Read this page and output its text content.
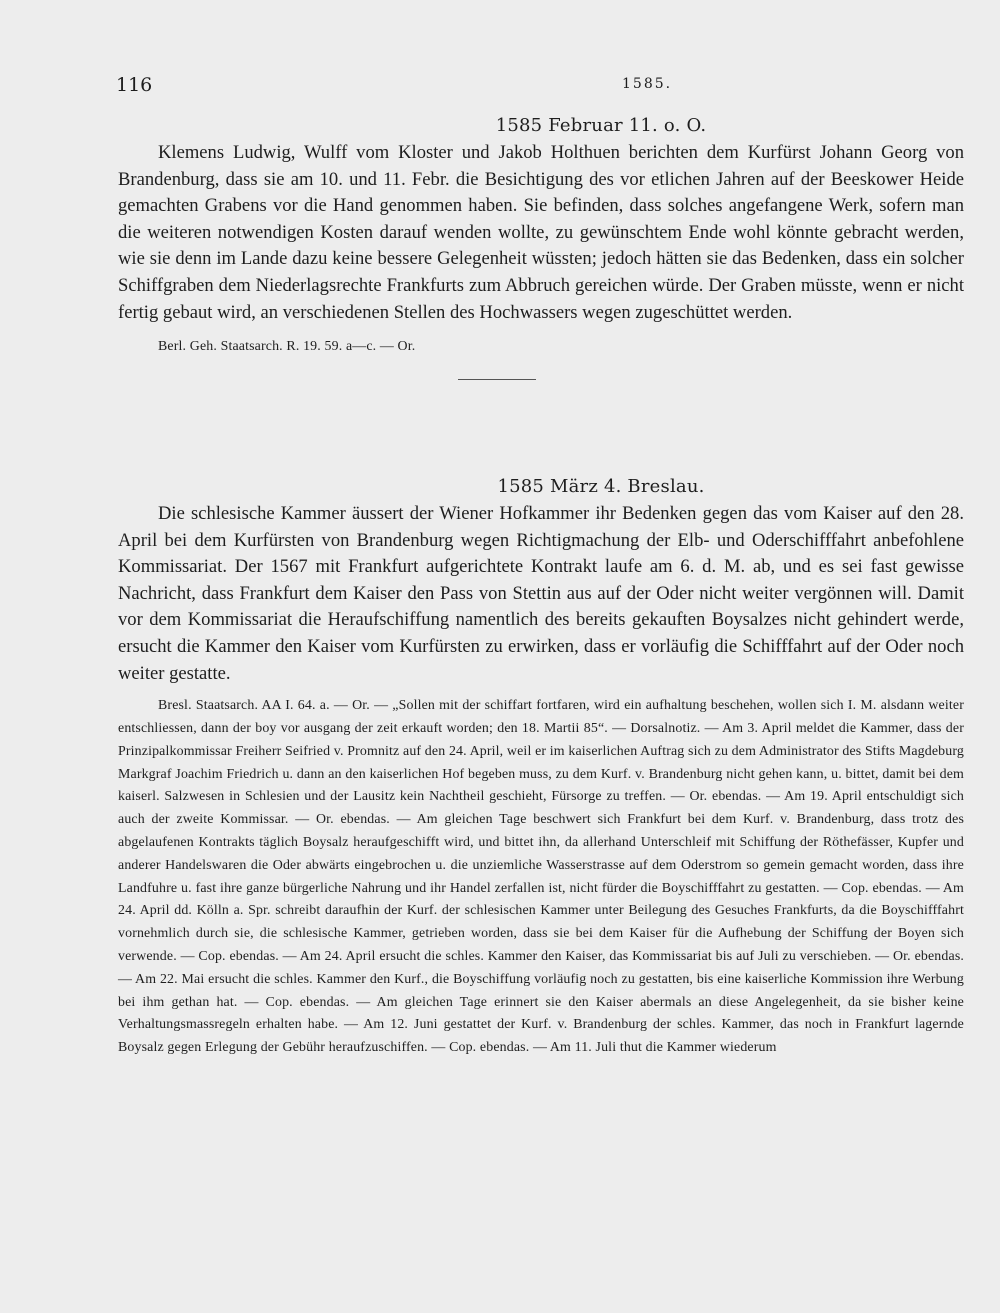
116	1585.
1585 Februar 11. o. O.

Klemens Ludwig, Wulff vom Kloster und Jakob Holthuen berichten dem Kurfürst Johann Georg von Brandenburg, dass sie am 10. und 11. Febr. die Besichtigung des vor etlichen Jahren auf der Beeskower Heide gemachten Grabens vor die Hand genommen haben. Sie befinden, dass solches angefangene Werk, sofern man die weiteren notwendigen Kosten darauf wenden wollte, zu gewünschtem Ende wohl könnte gebracht werden, wie sie denn im Lande dazu keine bessere Gelegenheit wüssten; jedoch hätten sie das Bedenken, dass ein solcher Schiffgraben dem Niederlagsrechte Frankfurts zum Abbruch gereichen würde. Der Graben müsste, wenn er nicht fertig gebaut wird, an verschiedenen Stellen des Hochwassers wegen zugeschüttet werden.

Berl. Geh. Staatsarch. R. 19. 59. a—c. — Or.

1585 März 4. Breslau.

Die schlesische Kammer äussert der Wiener Hofkammer ihr Bedenken gegen das vom Kaiser auf den 28. April bei dem Kurfürsten von Brandenburg wegen Richtigmachung der Elb- und Oderschifffahrt anbefohlene Kommissariat. Der 1567 mit Frankfurt aufgerichtete Kontrakt laufe am 6. d. M. ab, und es sei fast gewisse Nachricht, dass Frankfurt dem Kaiser den Pass von Stettin aus auf der Oder nicht weiter vergönnen will. Damit vor dem Kommissariat die Heraufschiffung namentlich des bereits gekauften Boysalzes nicht gehindert werde, ersucht die Kammer den Kaiser vom Kurfürsten zu erwirken, dass er vorläufig die Schifffahrt auf der Oder noch weiter gestatte.

Bresl. Staatsarch. AA I. 64. a. — Or. — „Sollen mit der schiffart fortfaren, wird ein aufhaltung beschehen, wollen sich I. M. alsdann weiter entschliessen, dann der boy vor ausgang der zeit erkauft worden; den 18. Martii 85“. — Dorsalnotiz. — Am 3. April meldet die Kammer, dass der Prinzipalkommissar Freiherr Seifried v. Promnitz auf den 24. April, weil er im kaiserlichen Auftrag sich zu dem Administrator des Stifts Magdeburg Markgraf Joachim Friedrich u. dann an den kaiserlichen Hof begeben muss, zu dem Kurf. v. Brandenburg nicht gehen kann, u. bittet, damit bei dem kaiserl. Salzwesen in Schlesien und der Lausitz kein Nachtheil geschieht, Fürsorge zu treffen. — Or. ebendas. — Am 19. April entschuldigt sich auch der zweite Kommissar. — Or. ebendas. — Am gleichen Tage beschwert sich Frankfurt bei dem Kurf. v. Brandenburg, dass trotz des abgelaufenen Kontrakts täglich Boysalz heraufgeschifft wird, und bittet ihn, da allerhand Unterschleif mit Schiffung der Röthefässer, Kupfer und anderer Handelswaren die Oder abwärts eingebrochen u. die unziemliche Wasserstrasse auf dem Oderstrom so gemein gemacht worden, dass ihre Landfuhre u. fast ihre ganze bürgerliche Nahrung und ihr Handel zerfallen ist, nicht fürder die Boyschifffahrt zu gestatten. — Cop. ebendas. — Am 24. April dd. Kölln a. Spr. schreibt daraufhin der Kurf. der schlesischen Kammer unter Beilegung des Gesuches Frankfurts, da die Boyschifffahrt vornehmlich durch sie, die schlesische Kammer, getrieben worden, dass sie bei dem Kaiser für die Aufhebung der Schiffung der Boyen sich verwende. — Cop. ebendas. — Am 24. April ersucht die schles. Kammer den Kaiser, das Kommissariat bis auf Juli zu verschieben. — Or. ebendas. — Am 22. Mai ersucht die schles. Kammer den Kurf., die Boyschiffung vorläufig noch zu gestatten, bis eine kaiserliche Kommission ihre Werbung bei ihm gethan hat. — Cop. ebendas. — Am gleichen Tage erinnert sie den Kaiser abermals an diese Angelegenheit, da sie bisher keine Verhaltungsmassregeln erhalten habe. — Am 12. Juni gestattet der Kurf. v. Brandenburg der schles. Kammer, das noch in Frankfurt lagernde Boysalz gegen Erlegung der Gebühr heraufzuschiffen. — Cop. ebendas. — Am 11. Juli thut die Kammer wiederum
